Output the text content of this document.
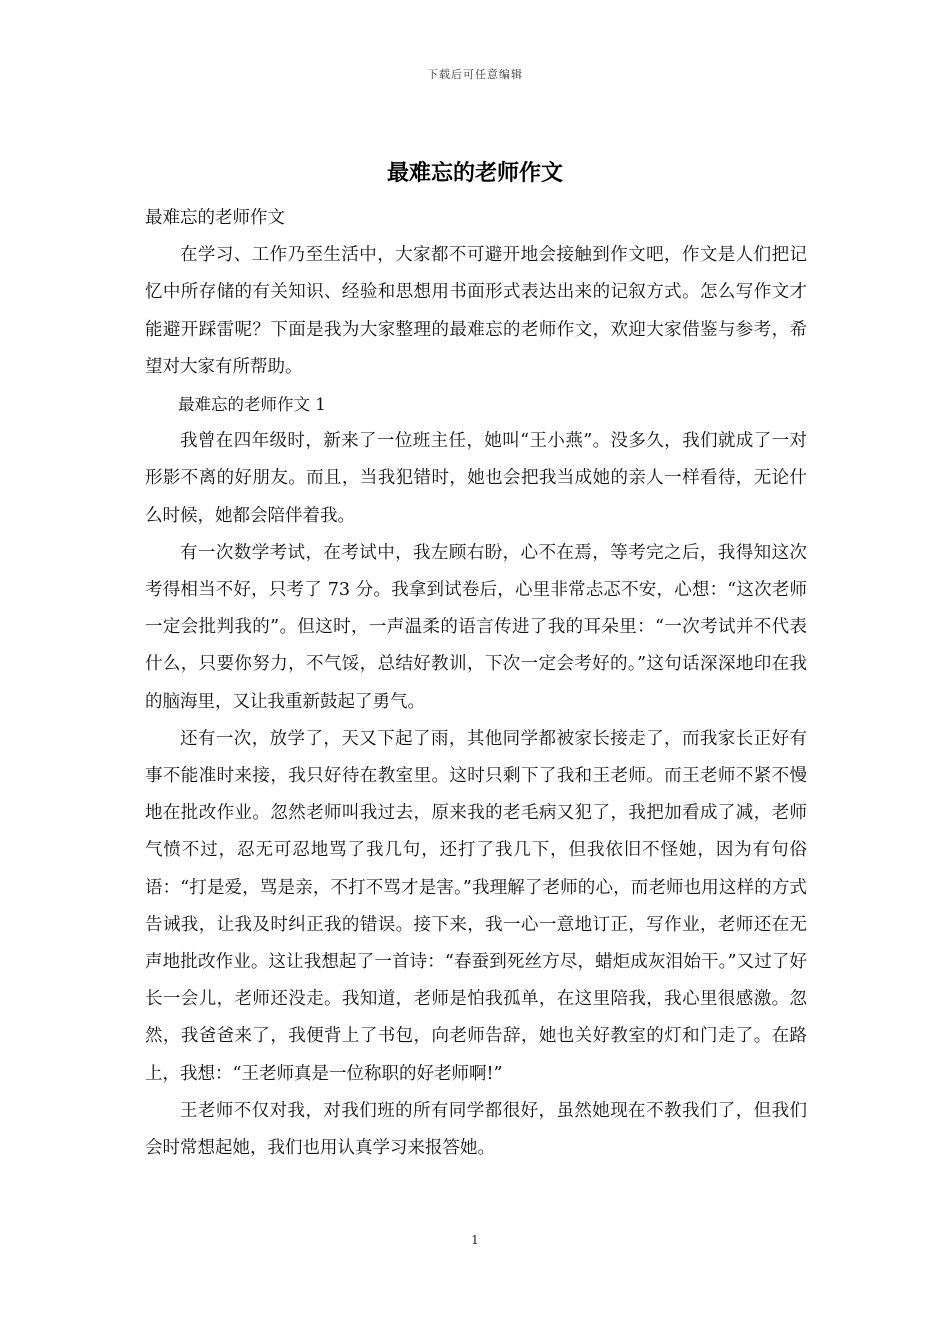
下载后可任意编辑
最难忘的老师作文

最难忘的老师作文

在学习、工作乃至生活中，大家都不可避开地会接触到作文吧，作文是人们把记忆中所存储的有关知识、经验和思想用书面形式表达出来的记叙方式。怎么写作文才能避开踩雷呢？下面是我为大家整理的最难忘的老师作文，欢迎大家借鉴与参考，希望对大家有所帮助。

最难忘的老师作文 1

我曾在四年级时，新来了一位班主任，她叫“王小燕”。没多久，我们就成了一对形影不离的好朋友。而且，当我犯错时，她也会把我当成她的亲人一样看待，无论什么时候，她都会陪伴着我。

有一次数学考试，在考试中，我左顾右盼，心不在焉，等考完之后，我得知这次考得相当不好，只考了 73 分。我拿到试卷后，心里非常忐忑不安，心想：“这次老师一定会批判我的”。但这时，一声温柔的语言传进了我的耳朵里：“一次考试并不代表什么，只要你努力，不气馁，总结好教训，下次一定会考好的。”这句话深深地印在我的脑海里，又让我重新鼓起了勇气。

还有一次，放学了，天又下起了雨，其他同学都被家长接走了，而我家长正好有事不能准时来接，我只好待在教室里。这时只剩下了我和王老师。而王老师不紧不慢地在批改作业。忽然老师叫我过去，原来我的老毛病又犯了，我把加看成了减，老师气愤不过，忍无可忍地骂了我几句，还打了我几下，但我依旧不怪她，因为有句俗语：“打是爱，骂是亲，不打不骂才是害。”我理解了老师的心，而老师也用这样的方式告诫我，让我及时纠正我的错误。接下来，我一心一意地订正，写作业，老师还在无声地批改作业。这让我想起了一首诗：“春蚕到死丝方尽，蜡炬成灰泪始干。”又过了好长一会儿，老师还没走。我知道，老师是怕我孤单，在这里陪我，我心里很感激。忽然，我爸爸来了，我便背上了书包，向老师告辞，她也关好教室的灯和门走了。在路上，我想：“王老师真是一位称职的好老师啊!”

王老师不仅对我，对我们班的所有同学都很好，虽然她现在不教我们了，但我们会时常想起她，我们也用认真学习来报答她。

1
